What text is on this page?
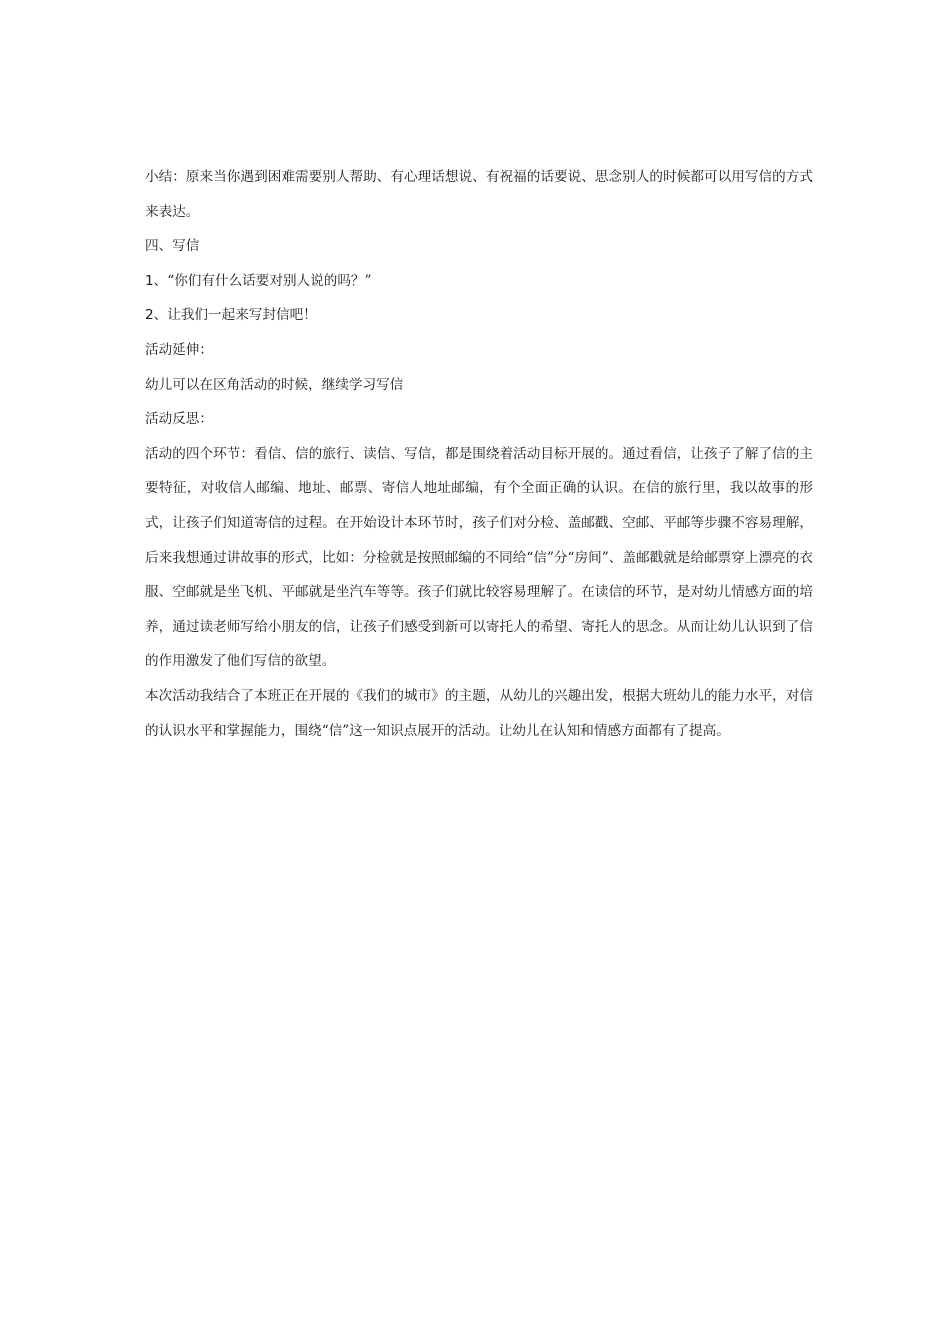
小结：原来当你遇到困难需要别人帮助、有心理话想说、有祝福的话要说、思念别人的时候都可以用写信的方式来表达。

四、写信

1、“你们有什么话要对别人说的吗？”

2、让我们一起来写封信吧！

活动延伸：

幼儿可以在区角活动的时候，继续学习写信

活动反思：

活动的四个环节：看信、信的旅行、读信、写信，都是围绕着活动目标开展的。通过看信，让孩子了解了信的主要特征，对收信人邮编、地址、邮票、寄信人地址邮编，有个全面正确的认识。在信的旅行里，我以故事的形式，让孩子们知道寄信的过程。在开始设计本环节时，孩子们对分检、盖邮戳、空邮、平邮等步骤不容易理解，后来我想通过讲故事的形式，比如：分检就是按照邮编的不同给“信”分“房间”、盖邮戳就是给邮票穿上漂亮的衣服、空邮就是坐飞机、平邮就是坐汽车等等。孩子们就比较容易理解了。在读信的环节，是对幼儿情感方面的培养，通过读老师写给小朋友的信，让孩子们感受到新可以寄托人的希望、寄托人的思念。从而让幼儿认识到了信的作用激发了他们写信的欲望。

本次活动我结合了本班正在开展的《我们的城市》的主题，从幼儿的兴趣出发，根据大班幼儿的能力水平，对信的认识水平和掌握能力，围绕“信”这一知识点展开的活动。让幼儿在认知和情感方面都有了提高。
